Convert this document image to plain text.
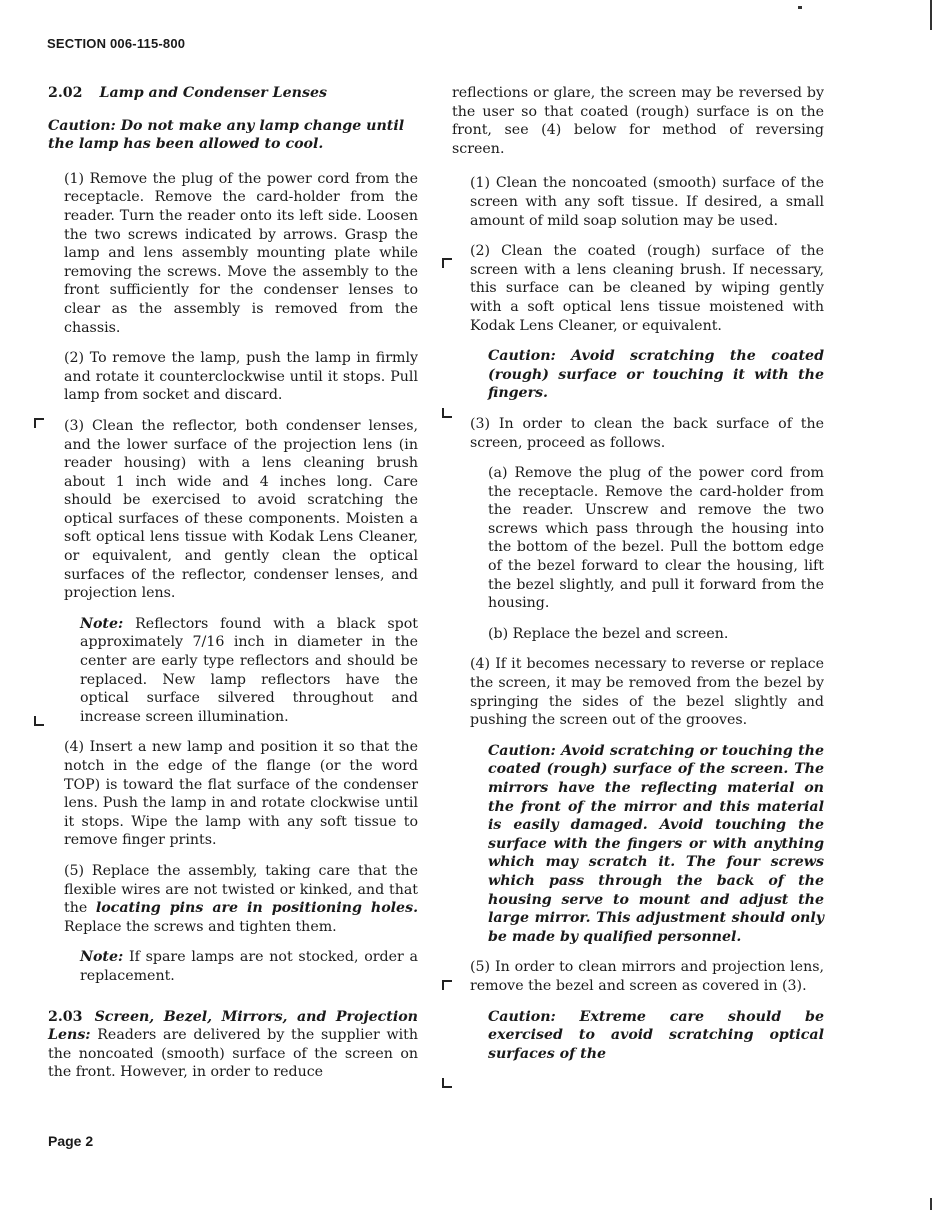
SECTION 006-115-800

2.02 Lamp and Condenser Lenses

Caution: Do not make any lamp change until the lamp has been allowed to cool.

(1) Remove the plug of the power cord from the receptacle. Remove the card-holder from the reader. Turn the reader onto its left side. Loosen the two screws indicated by arrows. Grasp the lamp and lens assembly mounting plate while removing the screws. Move the assembly to the front sufficiently for the condenser lenses to clear as the assembly is removed from the chassis.

(2) To remove the lamp, push the lamp in firmly and rotate it counterclockwise until it stops. Pull lamp from socket and discard.

(3) Clean the reflector, both condenser lenses, and the lower surface of the projection lens (in reader housing) with a lens cleaning brush about 1 inch wide and 4 inches long. Care should be exercised to avoid scratching the optical surfaces of these components. Moisten a soft optical lens tissue with Kodak Lens Cleaner, or equivalent, and gently clean the optical surfaces of the reflector, condenser lenses, and projection lens.

Note: Reflectors found with a black spot approximately 7/16 inch in diameter in the center are early type reflectors and should be replaced. New lamp reflectors have the optical surface silvered throughout and increase screen illumination.

(4) Insert a new lamp and position it so that the notch in the edge of the flange (or the word TOP) is toward the flat surface of the condenser lens. Push the lamp in and rotate clockwise until it stops. Wipe the lamp with any soft tissue to remove finger prints.

(5) Replace the assembly, taking care that the flexible wires are not twisted or kinked, and that the locating pins are in positioning holes. Replace the screws and tighten them.

Note: If spare lamps are not stocked, order a replacement.

2.03 Screen, Bezel, Mirrors, and Projection Lens: Readers are delivered by the supplier with the noncoated (smooth) surface of the screen on the front. However, in order to reduce

reflections or glare, the screen may be reversed by the user so that coated (rough) surface is on the front, see (4) below for method of reversing screen.

(1) Clean the noncoated (smooth) surface of the screen with any soft tissue. If desired, a small amount of mild soap solution may be used.

(2) Clean the coated (rough) surface of the screen with a lens cleaning brush. If necessary, this surface can be cleaned by wiping gently with a soft optical lens tissue moistened with Kodak Lens Cleaner, or equivalent.

Caution: Avoid scratching the coated (rough) surface or touching it with the fingers.

(3) In order to clean the back surface of the screen, proceed as follows.

(a) Remove the plug of the power cord from the receptacle. Remove the card-holder from the reader. Unscrew and remove the two screws which pass through the housing into the bottom of the bezel. Pull the bottom edge of the bezel forward to clear the housing, lift the bezel slightly, and pull it forward from the housing.

(b) Replace the bezel and screen.

(4) If it becomes necessary to reverse or replace the screen, it may be removed from the bezel by springing the sides of the bezel slightly and pushing the screen out of the grooves.

Caution: Avoid scratching or touching the coated (rough) surface of the screen. The mirrors have the reflecting material on the front of the mirror and this material is easily damaged. Avoid touching the surface with the fingers or with anything which may scratch it. The four screws which pass through the back of the housing serve to mount and adjust the large mirror. This adjustment should only be made by qualified personnel.

(5) In order to clean mirrors and projection lens, remove the bezel and screen as covered in (3).

Caution: Extreme care should be exercised to avoid scratching optical surfaces of the

Page 2
